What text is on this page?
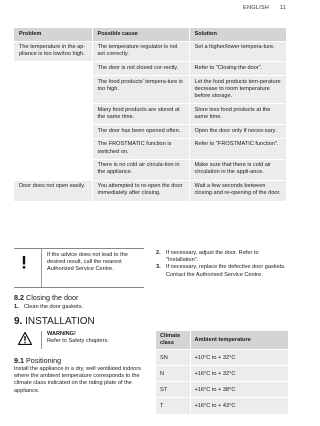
ENGLISH 11
Problem	Possible cause	Solution
The temperature in the ap-pliance is too low/too high.	The temperature regulator is not set correctly.	Set a higher/lower tempera-ture.
	The door is not closed cor-rectly.	Refer to "Closing the door".
	The food products' tempera-ture is too high.	Let the food products tem-perature decrease to room temperature before storage.
	Many food products are stored at the same time.	Store less food products at the same time.
	The door has been opened often.	Open the door only if neces-sary.
	The FROSTMATIC function is switched on.	Refer to "FROSTMATIC function".
	There is no cold air circula-tion in the appliance.	Make sure that there is cold air circulation in the appli-ance.
Door does not open easily.	You attempted to re-open the door immediately after closing.	Wait a few seconds between closing and re-opening of the door.
If the advice does not lead to the desired result, call the nearest Authorized Service Centre.
2. If necessary, adjust the door. Refer to "Installation".
3. If necessary, replace the defective door gaskets. Contact the Authorised Service Centre.
8.2 Closing the door
1. Clean the door gaskets.
9. INSTALLATION
WARNING!
Refer to Safety chapters.
9.1 Positioning
Install the appliance in a dry, well ventilated indoors where the ambient temperature corresponds to the climate class indicated on the rating plate of the appliance.
Climate class	Ambient temperature
SN	+10°C to + 32°C
N	+16°C to + 32°C
ST	+16°C to + 38°C
T	+16°C to + 43°C
